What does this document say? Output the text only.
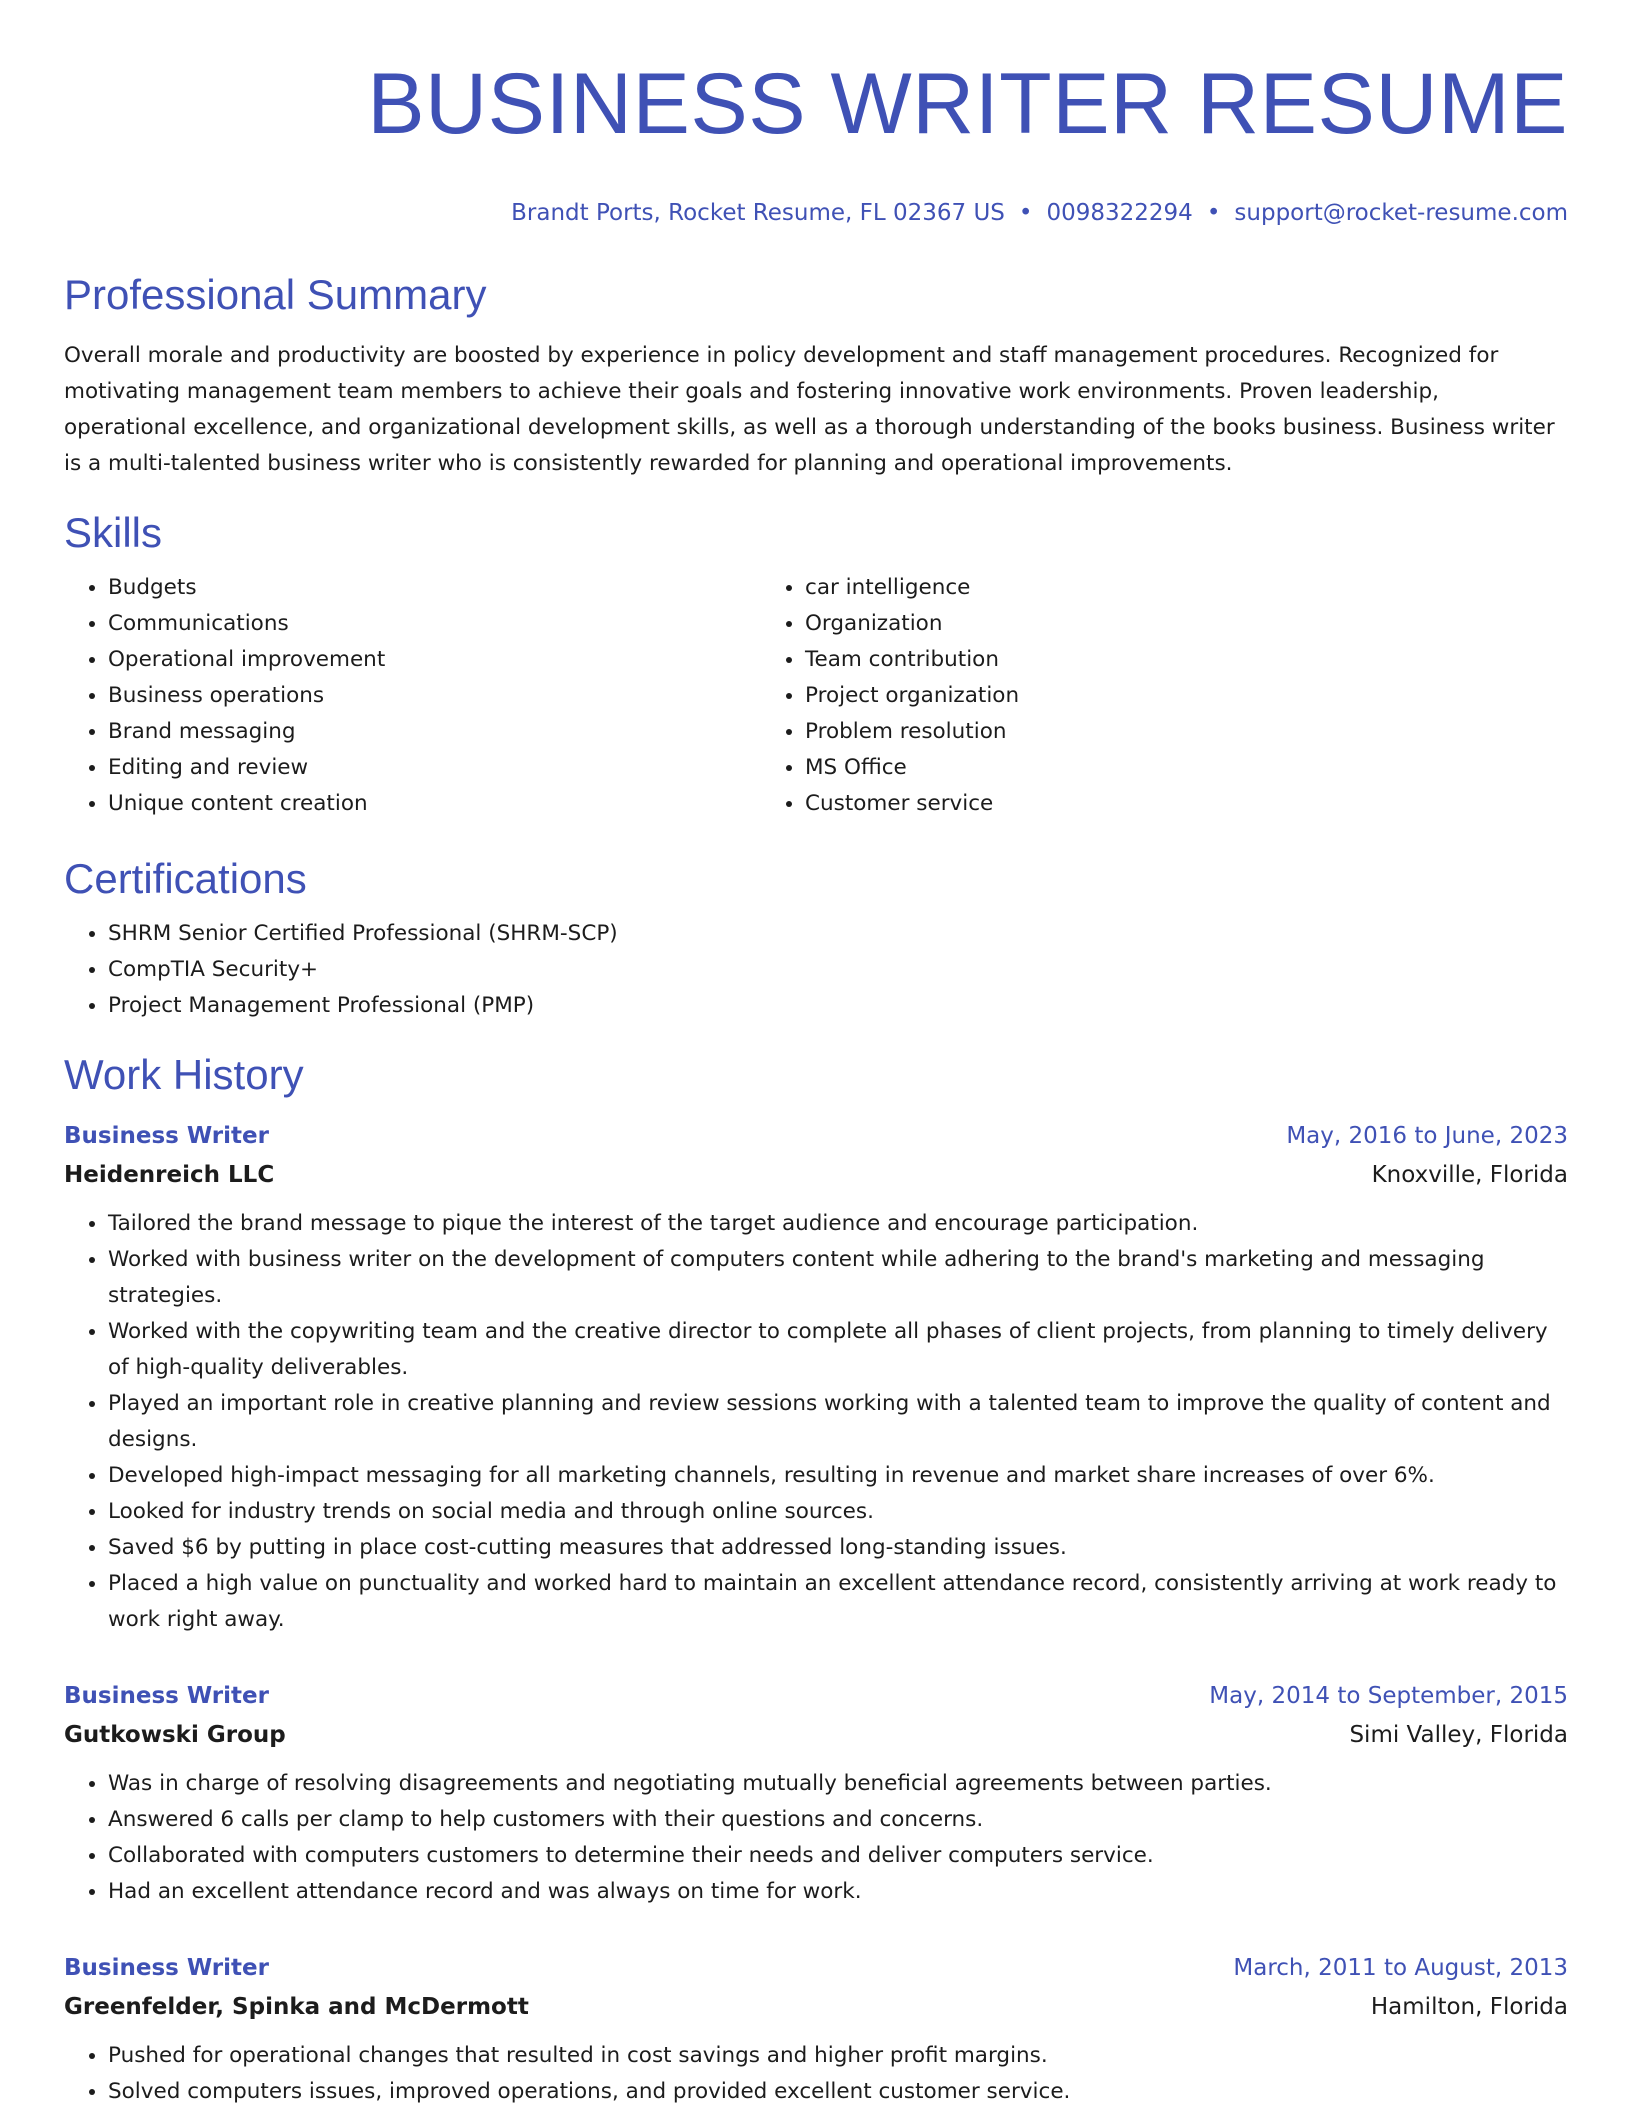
BUSINESS WRITER RESUME
Brandt Ports, Rocket Resume, FL 02367 US • 0098322294 • support@rocket-resume.com
Professional Summary

Overall morale and productivity are boosted by experience in policy development and staff management procedures. Recognized for motivating management team members to achieve their goals and fostering innovative work environments. Proven leadership, operational excellence, and organizational development skills, as well as a thorough understanding of the books business. Business writer is a multi-talented business writer who is consistently rewarded for planning and operational improvements.

Skills
• Budgets
• Communications
• Operational improvement
• Business operations
• Brand messaging
• Editing and review
• Unique content creation
• car intelligence
• Organization
• Team contribution
• Project organization
• Problem resolution
• MS Office
• Customer service
Certifications
• SHRM Senior Certified Professional (SHRM-SCP)
• CompTIA Security+
• Project Management Professional (PMP)
Work History
Business Writer	May, 2016 to June, 2023
Heidenreich LLC	Knoxville, Florida
• Tailored the brand message to pique the interest of the target audience and encourage participation.
• Worked with business writer on the development of computers content while adhering to the brand's marketing and messaging strategies.
• Worked with the copywriting team and the creative director to complete all phases of client projects, from planning to timely delivery of high-quality deliverables.
• Played an important role in creative planning and review sessions working with a talented team to improve the quality of content and designs.
• Developed high-impact messaging for all marketing channels, resulting in revenue and market share increases of over 6%.
• Looked for industry trends on social media and through online sources.
• Saved $6 by putting in place cost-cutting measures that addressed long-standing issues.
• Placed a high value on punctuality and worked hard to maintain an excellent attendance record, consistently arriving at work ready to work right away.
Business Writer	May, 2014 to September, 2015
Gutkowski Group	Simi Valley, Florida
• Was in charge of resolving disagreements and negotiating mutually beneficial agreements between parties.
• Answered 6 calls per clamp to help customers with their questions and concerns.
• Collaborated with computers customers to determine their needs and deliver computers service.
• Had an excellent attendance record and was always on time for work.
Business Writer	March, 2011 to August, 2013
Greenfelder, Spinka and McDermott	Hamilton, Florida
• Pushed for operational changes that resulted in cost savings and higher profit margins.
• Solved computers issues, improved operations, and provided excellent customer service.
